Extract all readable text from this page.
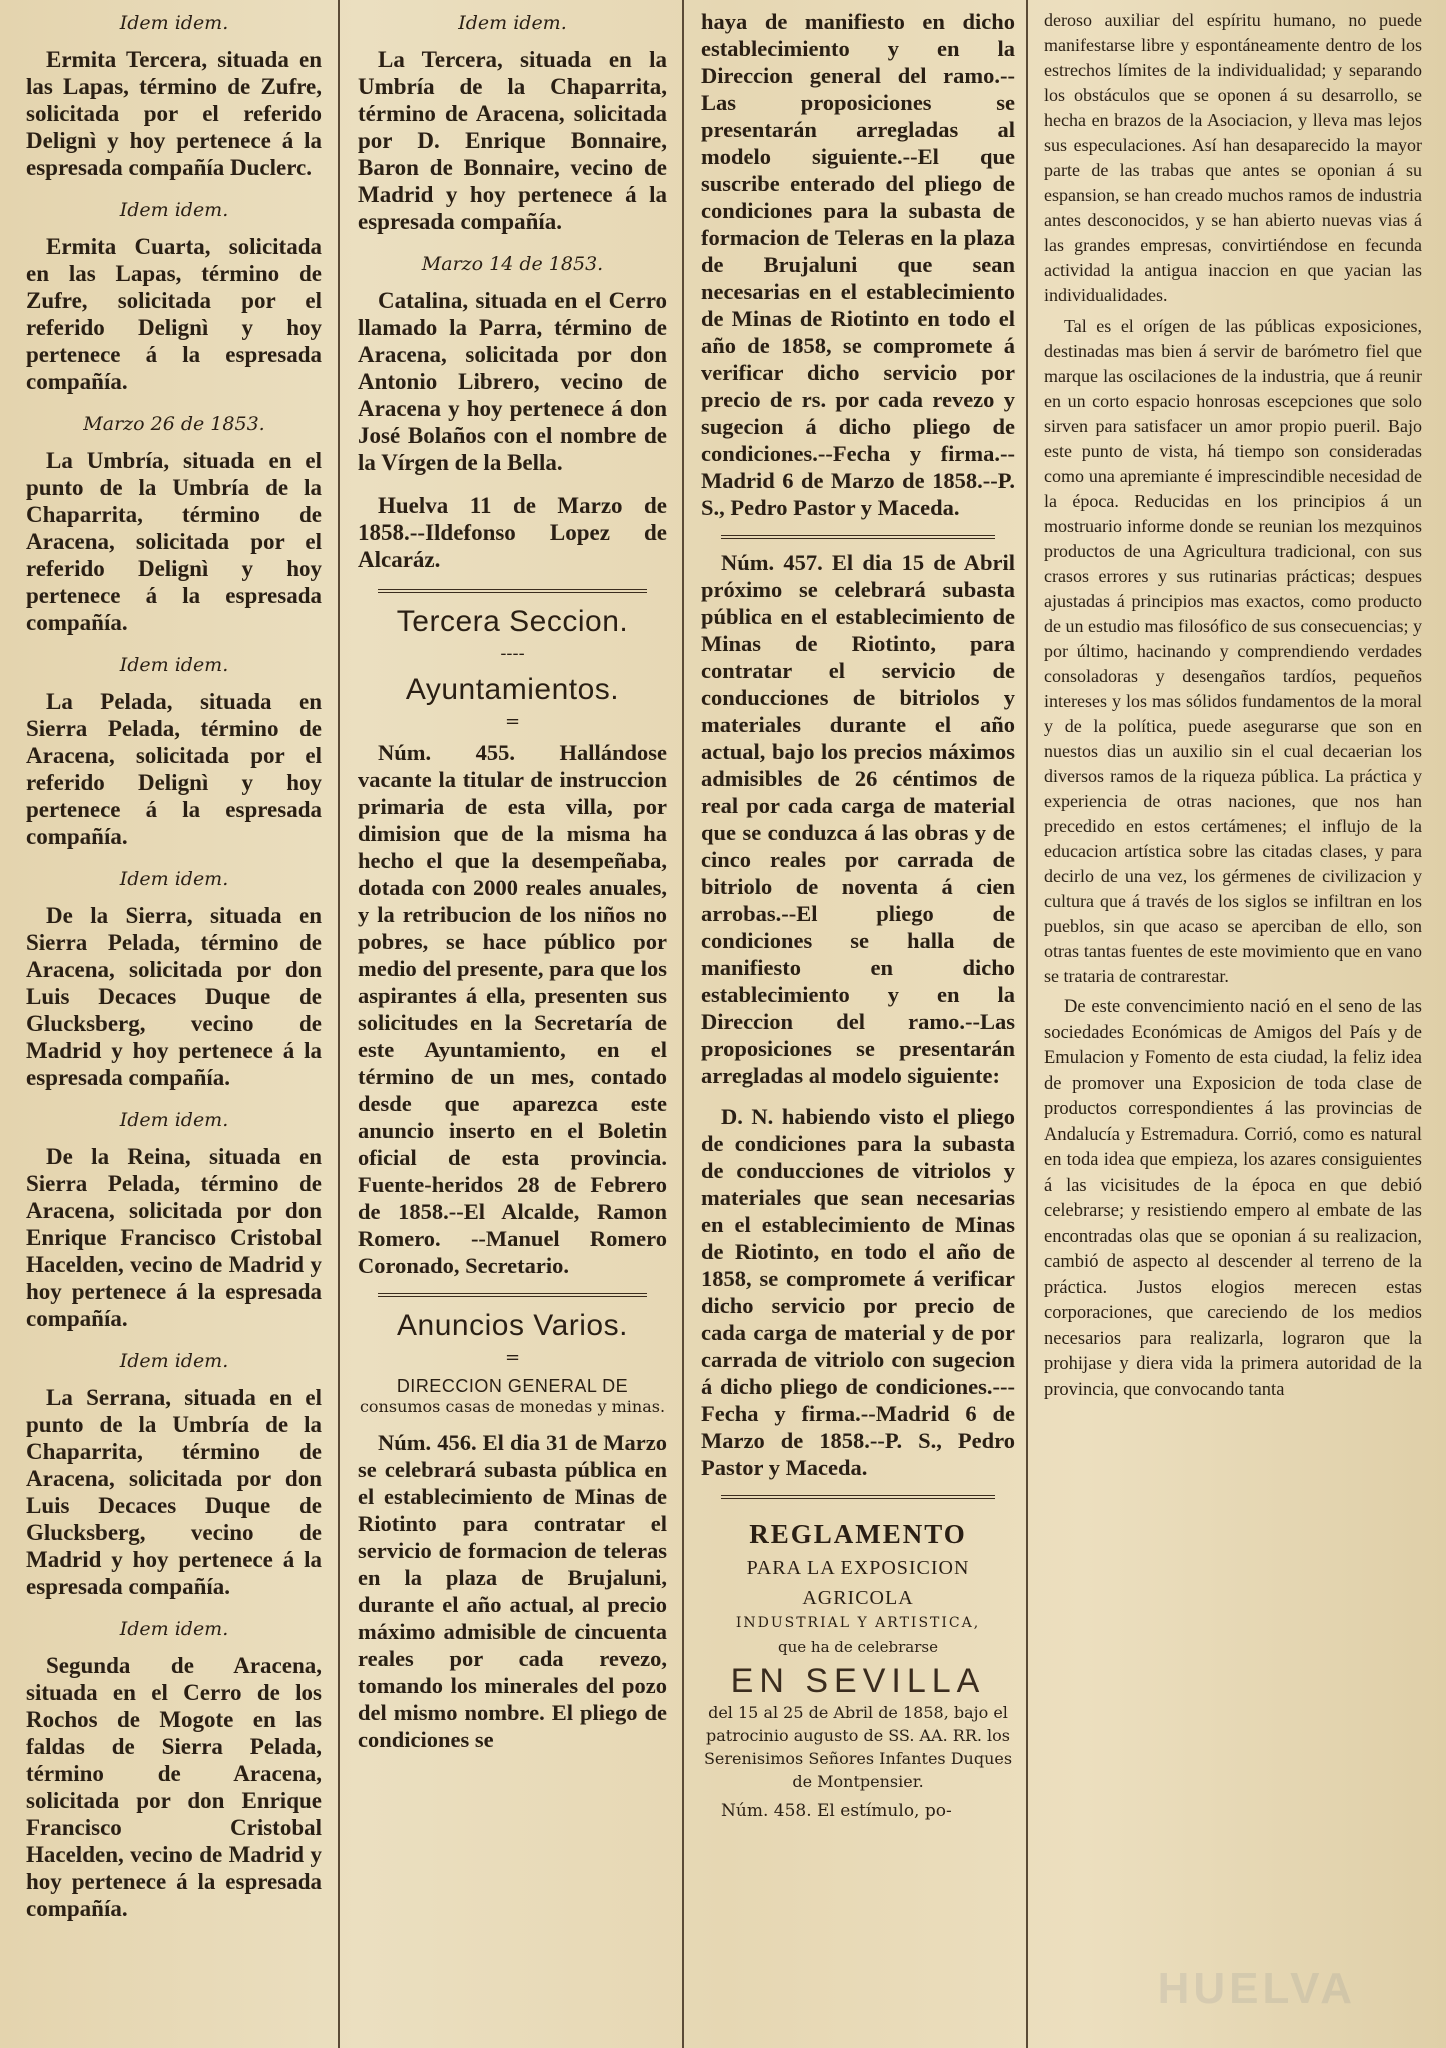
Idem idem.

Ermita Tercera, situada en las Lapas, término de Zufre, solicitada por el referido Delignì y hoy pertenece á la espresada compañía Duclerc.

Idem idem.

Ermita Cuarta, solicitada en las Lapas, término de Zufre, solicitada por el referido Delignì y hoy pertenece á la espresada compañía.

Marzo 26 de 1853.

La Umbría, situada en el punto de la Umbría de la Chaparrita, término de Aracena, solicitada por el referido Delignì y hoy pertenece á la espresada compañía.

Idem idem.

La Pelada, situada en Sierra Pelada, término de Aracena, solicitada por el referido Delignì y hoy pertenece á la espresada compañía.

Idem idem.

De la Sierra, situada en Sierra Pelada, término de Aracena, solicitada por don Luis Decaces Duque de Glucksberg, vecino de Madrid y hoy pertenece á la espresada compañía.

Idem idem.

De la Reina, situada en Sierra Pelada, término de Aracena, solicitada por don Enrique Francisco Cristobal Hacelden, vecino de Madrid y hoy pertenece á la espresada compañía.

Idem idem.

La Serrana, situada en el punto de la Umbría de la Chaparrita, término de Aracena, solicitada por don Luis Decaces Duque de Glucksberg, vecino de Madrid y hoy pertenece á la espresada compañía.

Idem idem.

Segunda de Aracena, situada en el Cerro de los Rochos de Mogote en las faldas de Sierra Pelada, término de Aracena, solicitada por don Enrique Francisco Cristobal Hacelden, vecino de Madrid y hoy pertenece á la espresada compañía.

Idem idem.

La Tercera, situada en la Umbría de la Chaparrita, término de Aracena, solicitada por D. Enrique Bonnaire, Baron de Bonnaire, vecino de Madrid y hoy pertenece á la espresada compañía.

Marzo 14 de 1853.

Catalina, situada en el Cerro llamado la Parra, término de Aracena, solicitada por don Antonio Librero, vecino de Aracena y hoy pertenece á don José Bolaños con el nombre de la Vírgen de la Bella.

Huelva 11 de Marzo de 1858.--Ildefonso Lopez de Alcaráz.

Tercera Seccion.
----
Ayuntamientos.
=

Núm. 455. Hallándose vacante la titular de instruccion primaria de esta villa, por dimision que de la misma ha hecho el que la desempeñaba, dotada con 2000 reales anuales, y la retribucion de los niños no pobres, se hace público por medio del presente, para que los aspirantes á ella, presenten sus solicitudes en la Secretaría de este Ayuntamiento, en el término de un mes, contado desde que aparezca este anuncio inserto en el Boletin oficial de esta provincia. Fuente-heridos 28 de Febrero de 1858.--El Alcalde, Ramon Romero. --Manuel Romero Coronado, Secretario.

Anuncios Varios.
=
DIRECCION GENERAL DE
consumos casas de monedas y minas.

Núm. 456. El dia 31 de Marzo se celebrará subasta pública en el establecimiento de Minas de Riotinto para contratar el servicio de formacion de teleras en la plaza de Brujaluni, durante el año actual, al precio máximo admisible de cincuenta reales por cada revezo, tomando los minerales del pozo del mismo nombre. El pliego de condiciones se

haya de manifiesto en dicho establecimiento y en la Direccion general del ramo.-- Las proposiciones se presentarán arregladas al modelo siguiente.--El que suscribe enterado del pliego de condiciones para la subasta de formacion de Teleras en la plaza de Brujaluni que sean necesarias en el establecimiento de Minas de Riotinto en todo el año de 1858, se compromete á verificar dicho servicio por precio de rs. por cada revezo y sugecion á dicho pliego de condiciones.--Fecha y firma.--Madrid 6 de Marzo de 1858.--P. S., Pedro Pastor y Maceda.

Núm. 457. El dia 15 de Abril próximo se celebrará subasta pública en el establecimiento de Minas de Riotinto, para contratar el servicio de conducciones de bitriolos y materiales durante el año actual, bajo los precios máximos admisibles de 26 céntimos de real por cada carga de material que se conduzca á las obras y de cinco reales por carrada de bitriolo de noventa á cien arrobas.--El pliego de condiciones se halla de manifiesto en dicho establecimiento y en la Direccion del ramo.--Las proposiciones se presentarán arregladas al modelo siguiente:

D. N. habiendo visto el pliego de condiciones para la subasta de conducciones de vitriolos y materiales que sean necesarias en el establecimiento de Minas de Riotinto, en todo el año de 1858, se compromete á verificar dicho servicio por precio de cada carga de material y de por carrada de vitriolo con sugecion á dicho pliego de condiciones.---Fecha y firma.--Madrid 6 de Marzo de 1858.--P. S., Pedro Pastor y Maceda.

REGLAMENTO
PARA LA EXPOSICION AGRICOLA
INDUSTRIAL Y ARTISTICA,
que ha de celebrarse
EN SEVILLA
del 15 al 25 de Abril de 1858, bajo el patrocinio augusto de SS. AA. RR. los Serenisimos Señores Infantes Duques de Montpensier.

Núm. 458. El estímulo, po-

deroso auxiliar del espíritu humano, no puede manifestarse libre y espontáneamente dentro de los estrechos límites de la individualidad; y separando los obstáculos que se oponen á su desarrollo, se hecha en brazos de la Asociacion, y lleva mas lejos sus especulaciones. Así han desaparecido la mayor parte de las trabas que antes se oponian á su espansion, se han creado muchos ramos de industria antes desconocidos, y se han abierto nuevas vias á las grandes empresas, convirtiéndose en fecunda actividad la antigua inaccion en que yacian las individualidades.

Tal es el orígen de las públicas exposiciones, destinadas mas bien á servir de barómetro fiel que marque las oscilaciones de la industria, que á reunir en un corto espacio honrosas escepciones que solo sirven para satisfacer un amor propio pueril. Bajo este punto de vista, há tiempo son consideradas como una apremiante é imprescindible necesidad de la época. Reducidas en los principios á un mostruario informe donde se reunian los mezquinos productos de una Agricultura tradicional, con sus crasos errores y sus rutinarias prácticas; despues ajustadas á principios mas exactos, como producto de un estudio mas filosófico de sus consecuencias; y por último, hacinando y comprendiendo verdades consoladoras y desengaños tardíos, pequeños intereses y los mas sólidos fundamentos de la moral y de la política, puede asegurarse que son en nuestos dias un auxilio sin el cual decaerian los diversos ramos de la riqueza pública. La práctica y experiencia de otras naciones, que nos han precedido en estos certámenes; el influjo de la educacion artística sobre las citadas clases, y para decirlo de una vez, los gérmenes de civilizacion y cultura que á través de los siglos se infiltran en los pueblos, sin que acaso se aperciban de ello, son otras tantas fuentes de este movimiento que en vano se trataria de contrarestar.

De este convencimiento nació en el seno de las sociedades Económicas de Amigos del País y de Emulacion y Fomento de esta ciudad, la feliz idea de promover una Exposicion de toda clase de productos correspondientes á las provincias de Andalucía y Estremadura. Corrió, como es natural en toda idea que empieza, los azares consiguientes á las vicisitudes de la época en que debió celebrarse; y resistiendo empero al embate de las encontradas olas que se oponian á su realizacion, cambió de aspecto al descender al terreno de la práctica. Justos elogios merecen estas corporaciones, que careciendo de los medios necesarios para realizarla, lograron que la prohijase y diera vida la primera autoridad de la provincia, que convocando tanta

HUELVA
